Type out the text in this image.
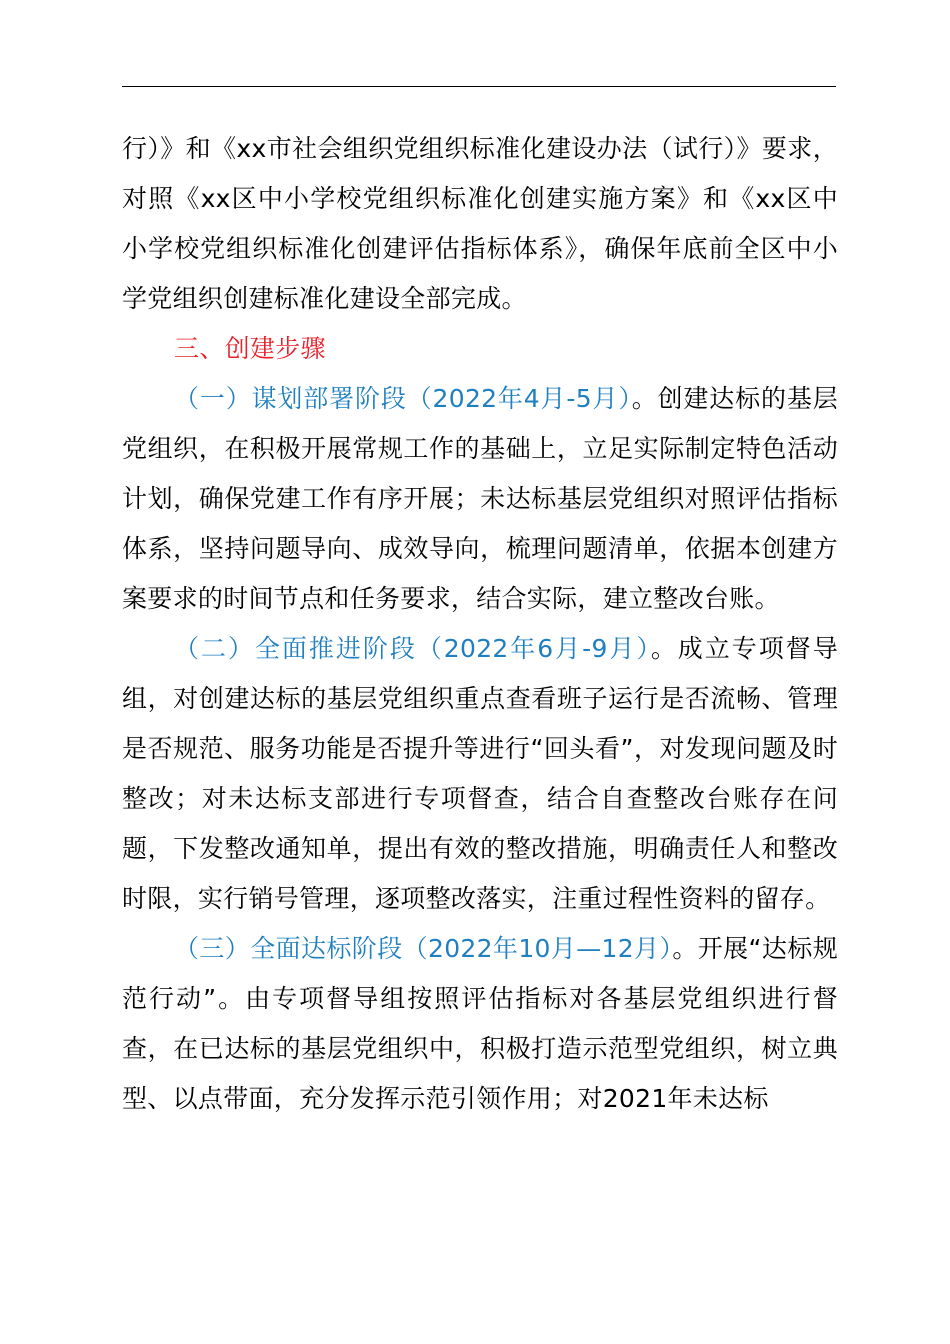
行）》和《xx市社会组织党组织标准化建设办法（试行）》要求，对照《xx区中小学校党组织标准化创建实施方案》和《xx区中小学校党组织标准化创建评估指标体系》，确保年底前全区中小学党组织创建标准化建设全部完成。

三、创建步骤

（一）谋划部署阶段（2022年4月-5月）。创建达标的基层党组织，在积极开展常规工作的基础上，立足实际制定特色活动计划，确保党建工作有序开展；未达标基层党组织对照评估指标体系，坚持问题导向、成效导向，梳理问题清单，依据本创建方案要求的时间节点和任务要求，结合实际，建立整改台账。

（二）全面推进阶段（2022年6月-9月）。成立专项督导组，对创建达标的基层党组织重点查看班子运行是否流畅、管理是否规范、服务功能是否提升等进行“回头看”，对发现问题及时整改；对未达标支部进行专项督查，结合自查整改台账存在问题，下发整改通知单，提出有效的整改措施，明确责任人和整改时限，实行销号管理，逐项整改落实，注重过程性资料的留存。

（三）全面达标阶段（2022年10月—12月）。开展“达标规范行动”。由专项督导组按照评估指标对各基层党组织进行督查，在已达标的基层党组织中，积极打造示范型党组织，树立典型、以点带面，充分发挥示范引领作用；对2021年未达标
